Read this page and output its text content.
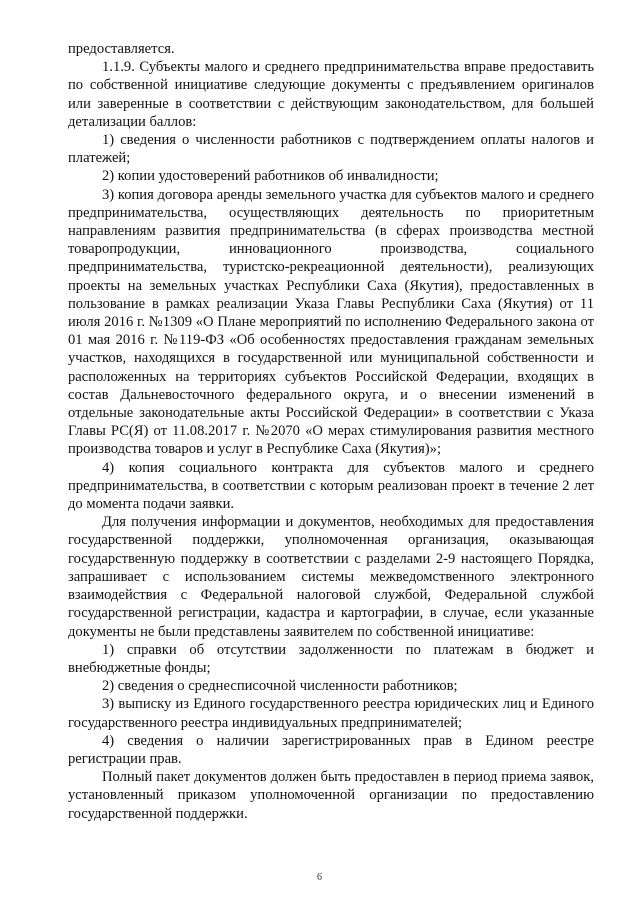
предоставляется.

1.1.9. Субъекты малого и среднего предпринимательства вправе предоставить по собственной инициативе следующие документы с предъявлением оригиналов или заверенные в соответствии с действующим законодательством, для большей детализации баллов:

1) сведения о численности работников с подтверждением оплаты налогов и платежей;

2) копии удостоверений работников об инвалидности;

3) копия договора аренды земельного участка для субъектов малого и среднего предпринимательства, осуществляющих деятельность по приоритетным направлениям развития предпринимательства (в сферах производства местной товаропродукции, инновационного производства, социального предпринимательства, туристско-рекреационной деятельности), реализующих проекты на земельных участках Республики Саха (Якутия), предоставленных в пользование в рамках реализации Указа Главы Республики Саха (Якутия) от 11 июля 2016 г. №1309 «О Плане мероприятий по исполнению Федерального закона от 01 мая 2016 г. №119-ФЗ «Об особенностях предоставления гражданам земельных участков, находящихся в государственной или муниципальной собственности и расположенных на территориях субъектов Российской Федерации, входящих в состав Дальневосточного федерального округа, и о внесении изменений в отдельные законодательные акты Российской Федерации» в соответствии с Указа Главы РС(Я) от 11.08.2017 г. №2070 «О мерах стимулирования развития местного производства товаров и услуг в Республике Саха (Якутия)»;

4) копия социального контракта для субъектов малого и среднего предпринимательства, в соответствии с которым реализован проект в течение 2 лет до момента подачи заявки.

Для получения информации и документов, необходимых для предоставления государственной поддержки, уполномоченная организация, оказывающая государственную поддержку в соответствии с разделами 2-9 настоящего Порядка, запрашивает с использованием системы межведомственного электронного взаимодействия с Федеральной налоговой службой, Федеральной службой государственной регистрации, кадастра и картографии, в случае, если указанные документы не были представлены заявителем по собственной инициативе:

1) справки об отсутствии задолженности по платежам в бюджет и внебюджетные фонды;

2) сведения о среднесписочной численности работников;

3) выписку из Единого государственного реестра юридических лиц и Единого государственного реестра индивидуальных предпринимателей;

4) сведения о наличии зарегистрированных прав в Едином реестре регистрации прав.

Полный пакет документов должен быть предоставлен в период приема заявок, установленный приказом уполномоченной организации по предоставлению государственной поддержки.

6
